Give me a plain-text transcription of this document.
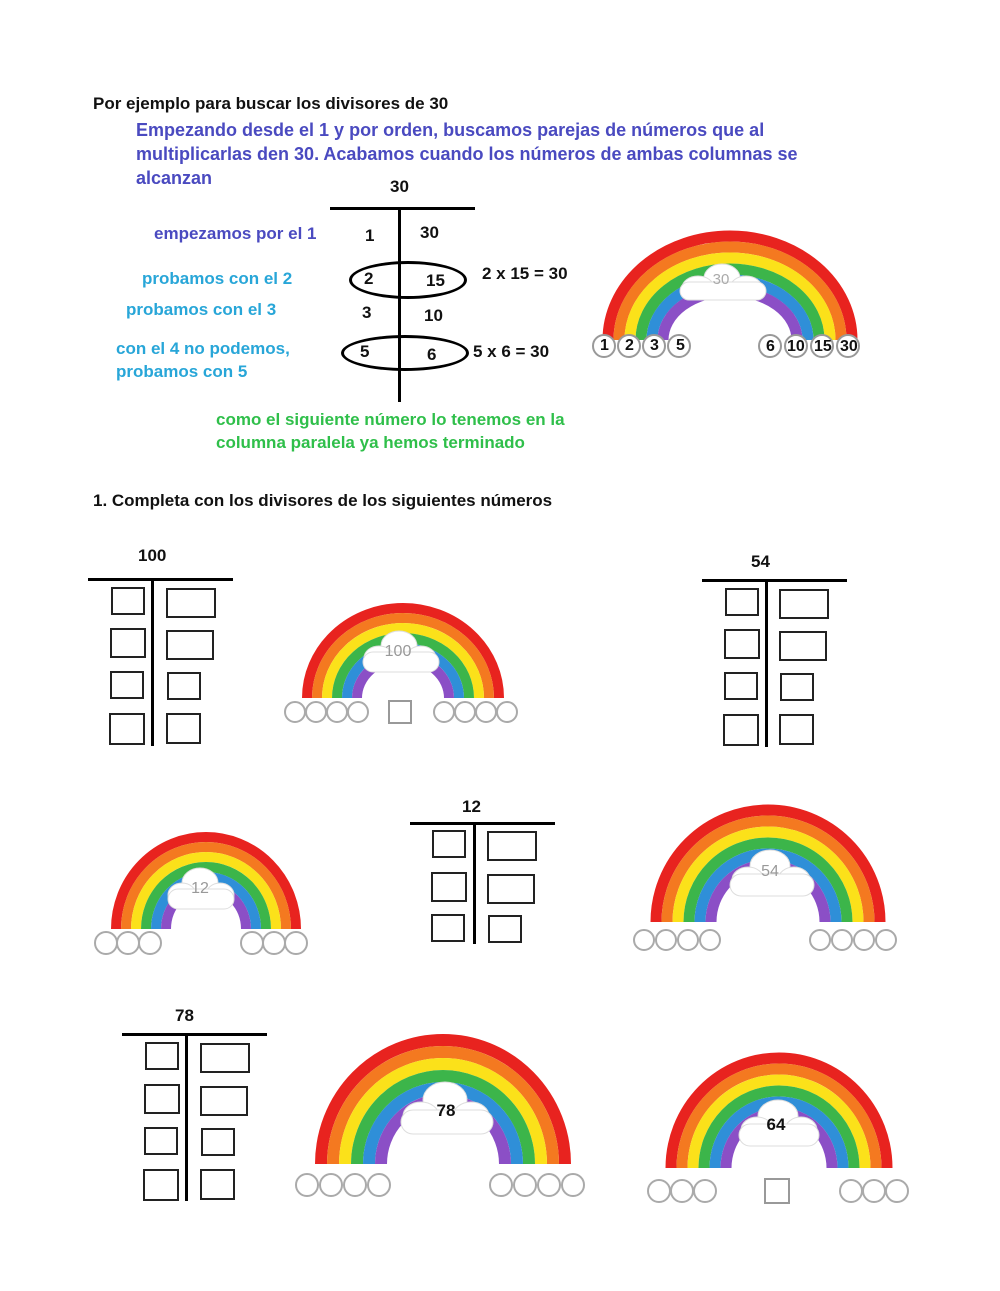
Por ejemplo para buscar los divisores de 30
Empezando desde el 1 y por orden, buscamos parejas de números que al
multiplicarlas den 30. Acabamos cuando los números de ambas columnas se
alcanzan	30
empezamos por el 1
probamos con el 2
probamos con el 3
con el 4 no podemos,
probamos con 5
1	30
2	15
3	10
5	6
2 x 15 = 30
5 x 6 = 30
como el siguiente número lo tenemos en la
columna paralela ya hemos terminado
30
1 2 3 5	6 10 15 30
1. Completa con los divisores de los siguientes números
100	54
12
78
100
12
54
78
64
